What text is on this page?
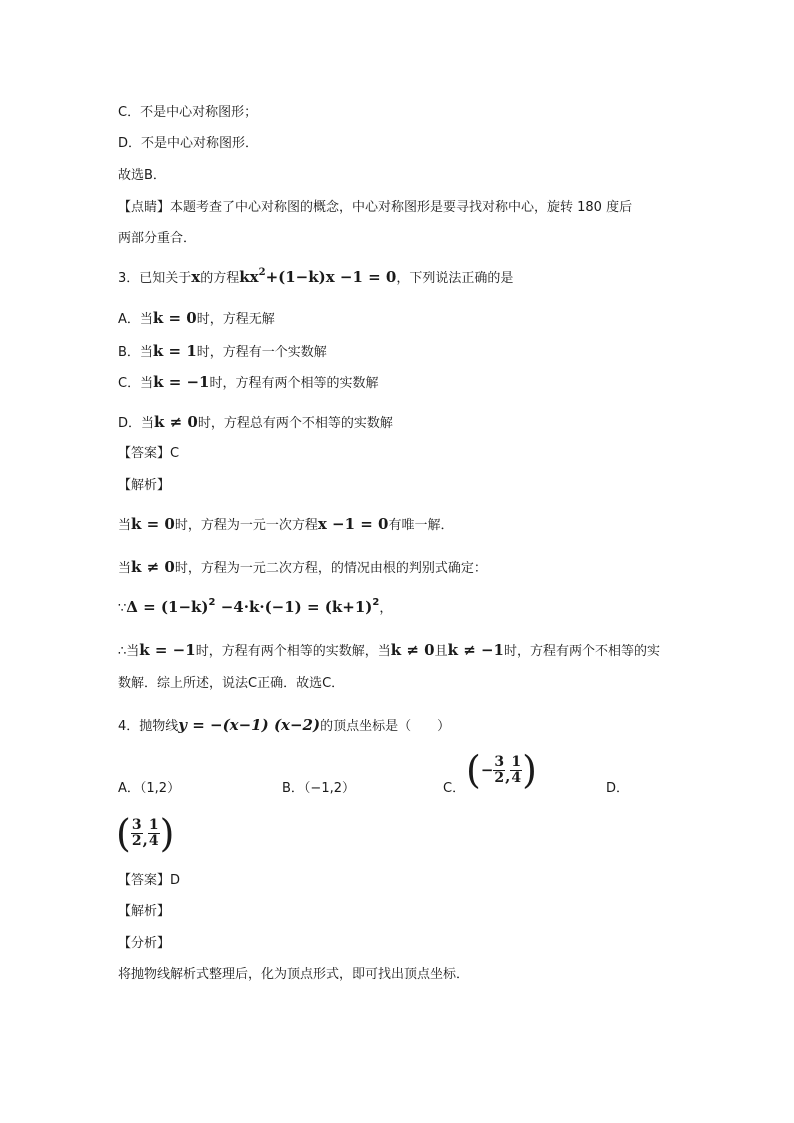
C．不是中心对称图形；
D．不是中心对称图形．
故选B．
【点睛】本题考查了中心对称图的概念，中心对称图形是要寻找对称中心，旋转 180 度后
两部分重合．
3．已知关于x的方程$kx^2+(1-k)x -1 = 0$，下列说法正确的是
A．当k = 0时，方程无解
B．当k = 1时，方程有一个实数解
C．当k = −1时，方程有两个相等的实数解
D．当k ≠ 0时，方程总有两个不相等的实数解
【答案】C
【解析】
当k = 0时，方程为一元一次方程x −1 = 0有唯一解．
当k ≠ 0时，方程为一元二次方程，的情况由根的判别式确定：
∵Δ = $(1-k)^2 -4\cdot k\cdot(-1) = (k+1)^2$，
∴当k = −1时，方程有两个相等的实数解，当k ≠ 0且k ≠ −1时，方程有两个不相等的实
数解．综上所述，说法C正确．故选C．
4．抛物线y = −(x−1) (x−2)的顶点坐标是（　　）
A．（1,2）	B．（−1,2）	C． (− $\frac{3}{2}$ , $\frac{1}{4}$ )	D．
( $\frac{3}{2}$ , $\frac{1}{4}$ )
【答案】D
【解析】
【分析】
将抛物线解析式整理后，化为顶点形式，即可找出顶点坐标．
